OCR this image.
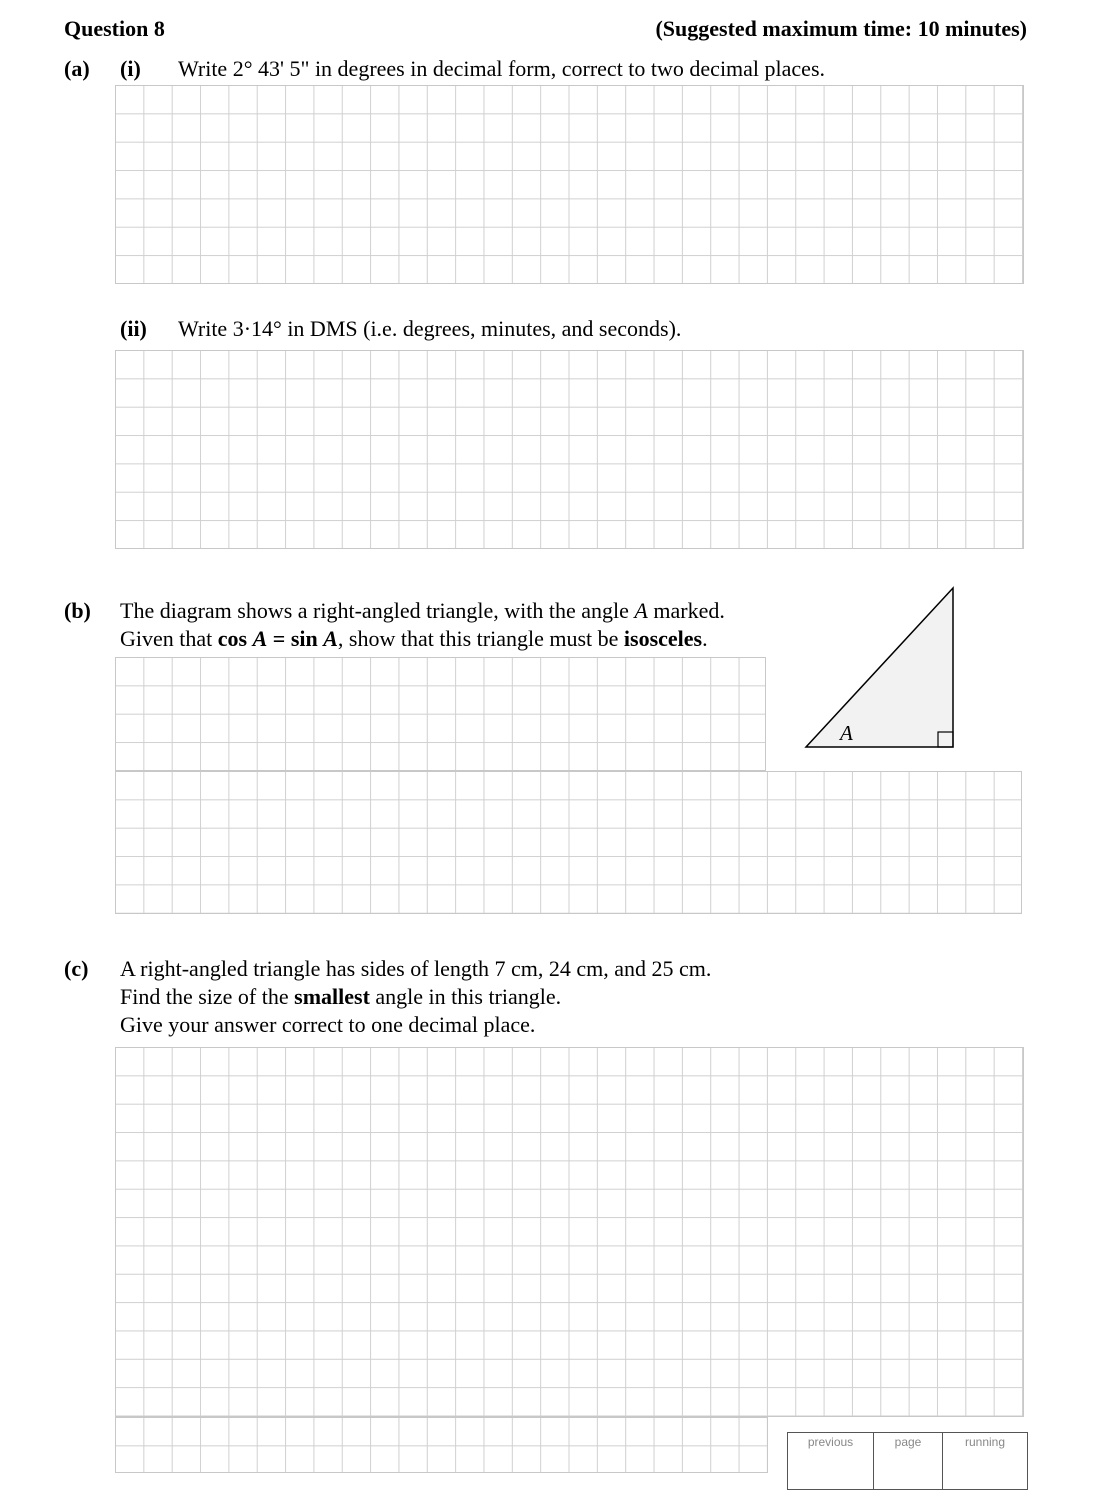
Question 8	(Suggested maximum time: 10 minutes)
(a) (i) Write 2° 43' 5" in degrees in decimal form, correct to two decimal places.
(ii) Write 3·14° in DMS (i.e. degrees, minutes, and seconds).
(b) The diagram shows a right-angled triangle, with the angle A marked.
Given that cos A = sin A, show that this triangle must be isosceles.
A
(c) A right-angled triangle has sides of length 7 cm, 24 cm, and 25 cm.
Find the size of the smallest angle in this triangle.
Give your answer correct to one decimal place.
previous	page	running
